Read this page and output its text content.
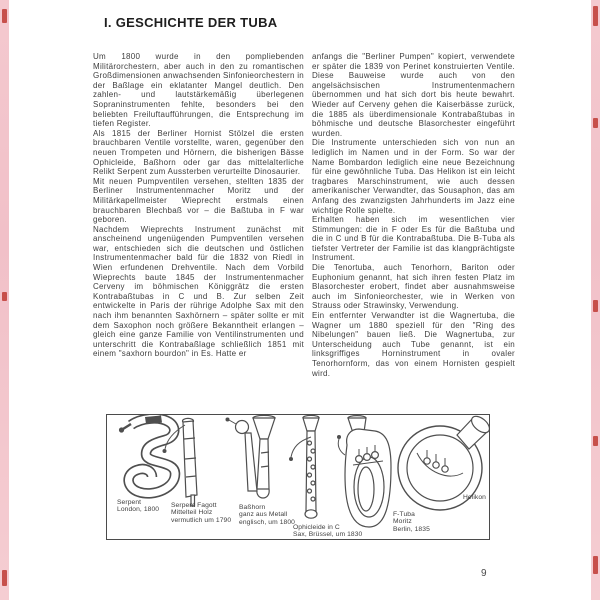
I. GESCHICHTE DER TUBA

Um 1800 wurde in den pompliebenden Militärorchestern, aber auch in den zu romantischen Großdimensionen anwachsenden Sinfonieorchestern in der Baßlage ein eklatanter Mangel deutlich. Den zahlen- und lautstärkemäßig überlegenen Sopraninstrumenten fehlte, besonders bei den beliebten Freiluftaufführungen, die Entsprechung im tiefen Register.

Als 1815 der Berliner Hornist Stölzel die ersten brauchbaren Ventile vorstellte, waren, gegenüber den neuen Trompeten und Hörnern, die bisherigen Bässe Ophicleide, Baßhorn oder gar das mittelalterliche Relikt Serpent zum Aussterben verurteilte Dinosaurier.

Mit neuen Pumpventilen versehen, stellten 1835 der Berliner Instrumentenmacher Moritz und der Militärkapellmeister Wieprecht erstmals einen brauchbaren Blechbaß vor – die Baßtuba in F war geboren.

Nachdem Wieprechts Instrument zunächst mit anscheinend ungenügenden Pumpventilen versehen war, entschieden sich die deutschen und östlichen Instrumentenmacher bald für die 1832 von Riedl in Wien erfundenen Drehventile. Nach dem Vorbild Wieprechts baute 1845 der Instrumentenmacher Cerveny im böhmischen Königgrätz die ersten Kontrabaßtubas in C und B. Zur selben Zeit entwickelte in Paris der rührige Adolphe Sax mit den nach ihm benannten Saxhörnern – später sollte er mit dem Saxophon noch größere Bekanntheit erlangen – gleich eine ganze Familie von Ventilinstrumenten und unterschritt die Kontrabaßlage schließlich 1851 mit einem "saxhorn bourdon" in Es. Hatte er

anfangs die "Berliner Pumpen" kopiert, verwendete er später die 1839 von Perinet konstruierten Ventile. Diese Bauweise wurde auch von den angelsächsischen Instrumentenmachern übernommen und hat sich dort bis heute bewahrt. Wieder auf Cerveny gehen die Kaiserbässe zurück, die 1885 als überdimensionale Kontrabaßtubas in böhmische und deutsche Blasorchester eingeführt wurden.

Die Instrumente unterschieden sich von nun an lediglich im Namen und in der Form. So war der Name Bombardon lediglich eine neue Bezeichnung für eine gewöhnliche Tuba. Das Helikon ist ein leicht tragbares Marschinstrument, wie auch dessen amerikanischer Verwandter, das Sousaphon, das am Anfang des zwanzigsten Jahrhunderts im Jazz eine wichtige Rolle spielte.

Erhalten haben sich im wesentlichen vier Stimmungen: die in F oder Es für die Baßtuba und die in C und B für die Kontrabaßtuba. Die B-Tuba als tiefster Vertreter der Familie ist das klangprächtigste Instrument.

Die Tenortuba, auch Tenorhorn, Bariton oder Euphonium genannt, hat sich ihren festen Platz im Blasorchester erobert, findet aber ausnahmsweise auch im Sinfonieorchester, wie in Werken von Strauss oder Strawinsky, Verwendung.

Ein entfernter Verwandter ist die Wagnertuba, die Wagner um 1880 speziell für den "Ring des Nibelungen" bauen ließ. Die Wagnertuba, zur Unterscheidung auch Tube genannt, ist ein linksgriffiges Horninstrument in ovaler Tenorhornform, das von einem Hornisten gespielt wird.

Serpent
London, 1800
Serpent Fagott
Mittelteil Holz
vermutlich um 1790
Baßhorn
ganz aus Metall
englisch, um 1800
Ophicleide in C
Sax, Brüssel, um 1830
F-Tuba
Moritz
Berlin, 1835
Helikon
9
